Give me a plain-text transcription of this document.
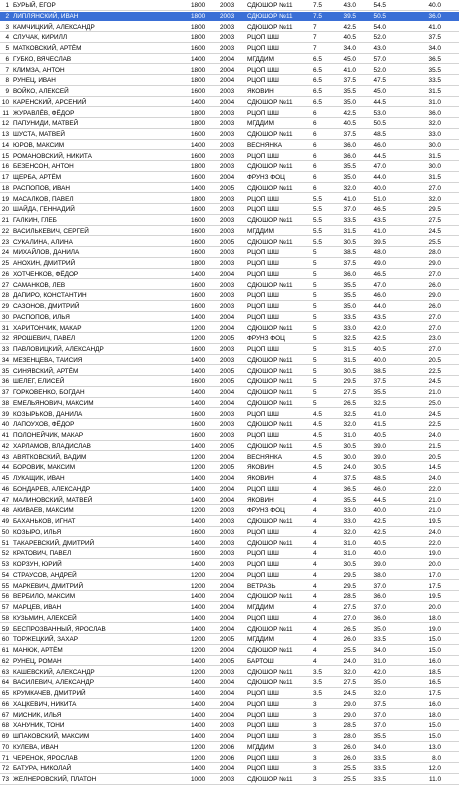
1 БУРЫЙ, ЕГОР	1800	2003	СДЮШОР №11	7.5	43.0	54.5	40.0
2 ЛИПЛЯНСКИЙ, ИВАН	1800	2003	СДЮШОР №11	7.5	39.5	50.5	36.0
3 КАМЧИЦКИЙ, АЛЕКСАНДР	1800	2003	СДЮШОР №11	7	42.5	54.0	41.0
4 СЛУЧАК, КИРИЛЛ	1800	2003	РЦОП ШШ	7	40.5	52.0	37.5
5 МАТКОВСКИЙ, АРТЁМ	1600	2003	РЦОП ШШ	7	34.0	43.0	34.0
6 ГУБКО, ВЯЧЕСЛАВ	1400	2004	МГДДИМ	6.5	45.0	57.0	36.5
7 КЛИМЗА, АНТОН	1800	2004	РЦОП ШШ	6.5	41.0	52.0	35.5
8 РУНЕЦ, ИВАН	1800	2004	РЦОП ШШ	6.5	37.5	47.5	33.5
9 ВОЙКО, АЛЕКСЕЙ	1600	2003	ЯКОВИН	6.5	35.5	45.0	31.5
10 КАРЕНСКИЙ, АРСЕНИЙ	1400	2004	СДЮШОР №11	6.5	35.0	44.5	31.0
11 ЖУРАВЛЁВ, ФЁДОР	1800	2003	РЦОП ШШ	6	42.5	53.0	36.0
12 ПАПУНИДИ, МАТВЕЙ	1800	2003	МГДДИМ	6	40.5	50.5	32.0
13 ШУСТА, МАТВЕЙ	1600	2003	СДЮШОР №11	6	37.5	48.5	33.0
14 ЮРОВ, МАКСИМ	1400	2003	ВЕСНЯНКА	6	36.0	46.0	30.0
15 РОМАНОВСКИЙ, НИКИТА	1600	2003	РЦОП ШШ	6	36.0	44.5	31.5
16 БЕЗЕНСОН, АНТОН	1800	2003	СДЮШОР №11	6	35.5	47.0	30.0
17 ЩЕРБА, АРТЁМ	1600	2004	ФРУНЗ ФОЦ	6	35.0	44.0	31.5
18 РАСПОПОВ, ИВАН	1400	2005	СДЮШОР №11	6	32.0	40.0	27.0
19 МАСАЛКОВ, ПАВЕЛ	1800	2003	РЦОП ШШ	5.5	41.0	51.0	32.0
20 ШАЙДА, ГЕННАДИЙ	1600	2003	РЦОП ШШ	5.5	37.0	46.5	29.5
21 ГАЛКИН, ГЛЕБ	1600	2003	СДЮШОР №11	5.5	33.5	43.5	27.5
22 ВАСИЛЬКЕВИЧ, СЕРГЕЙ	1600	2003	МГДДИМ	5.5	31.5	41.0	24.5
23 СУКАЛИНА, АЛИНА	1600	2005	СДЮШОР №11	5.5	30.5	39.5	25.5
24 МИХАЙЛОВ, ДАНИЛА	1600	2003	РЦОП ШШ	5	38.5	48.0	28.0
25 АНОХИН, ДМИТРИЙ	1800	2003	РЦОП ШШ	5	37.5	49.0	29.0
26 ХОТЧЕНКОВ, ФЁДОР	1400	2004	РЦОП ШШ	5	36.0	46.5	27.0
27 САМАНКОВ, ЛЕВ	1600	2003	СДЮШОР №11	5	35.5	47.0	26.0
28 ДАПИРО, КОНСТАНТИН	1600	2003	РЦОП ШШ	5	35.5	46.0	29.0
29 САЗОНОВ, ДМИТРИЙ	1600	2003	РЦОП ШШ	5	35.0	44.0	26.0
30 РАСПОПОВ, ИЛЬЯ	1400	2004	РЦОП ШШ	5	33.5	43.5	27.0
31 ХАРИТОНЧИК, МАКАР	1200	2004	СДЮШОР №11	5	33.0	42.0	27.0
32 ЯРОШЕВИЧ, ПАВЕЛ	1200	2005	ФРУНЗ ФОЦ	5	32.5	42.5	23.0
33 ПАВЛОВИЦКИЙ, АЛЕКСАНДР	1600	2003	РЦОП ШШ	5	31.5	40.5	27.0
34 МЕЗЕНЦЕВА, ТАИСИЯ	1400	2003	СДЮШОР №11	5	31.5	40.0	20.5
35 СИНЯВСКИЙ, АРТЁМ	1400	2005	СДЮШОР №11	5	30.5	38.5	22.5
36 ШЕЛЕГ, ЕЛИСЕЙ	1600	2005	СДЮШОР №11	5	29.5	37.5	24.5
37 ГОРКОВЕНКО, БОГДАН	1400	2004	СДЮШОР №11	5	27.5	35.5	21.0
38 ЕМЕЛЬЯНОВИЧ, МАКСИМ	1400	2004	СДЮШОР №11	5	26.5	32.5	25.0
39 КОЗЫРЬКОВ, ДАНИЛА	1600	2003	РЦОП ШШ	4.5	32.5	41.0	24.5
40 ЛАПОУХОВ, ФЁДОР	1600	2003	СДЮШОР №11	4.5	32.0	41.5	22.5
41 ПОЛОНЕЙЧИК, МАКАР	1600	2003	РЦОП ШШ	4.5	31.0	40.5	24.0
42 ХАРЛАМОВ, ВЛАДИСЛАВ	1400	2005	СДЮШОР №11	4.5	30.5	39.0	21.5
43 АВЯТКОВСКИЙ, ВАДИМ	1200	2004	ВЕСНЯНКА	4.5	30.0	39.0	20.5
44 БОРОВИК, МАКСИМ	1200	2005	ЯКОВИН	4.5	24.0	30.5	14.5
45 ЛУКАЩИК, ИВАН	1400	2004	ЯКОВИН	4	37.5	48.5	24.0
46 БОНДАРЕВ, АЛЕКСАНДР	1400	2004	РЦОП ШШ	4	36.5	46.0	22.0
47 МАЛИНОВСКИЙ, МАТВЕЙ	1400	2004	ЯКОВИН	4	35.5	44.5	21.0
48 АКИВАЕВ, МАКСИМ	1200	2003	ФРУНЗ ФОЦ	4	33.0	40.0	21.0
49 БАХАНЬКОВ, ИГНАТ	1400	2003	СДЮШОР №11	4	33.0	42.5	19.5
50 КОЗЫРО, ИЛЬЯ	1600	2003	РЦОП ШШ	4	32.0	42.5	24.0
51 ТАКАРЕВСКИЙ, ДМИТРИЙ	1400	2003	СДЮШОР №11	4	31.0	40.5	22.0
52 КРАТОВИЧ, ПАВЕЛ	1600	2003	РЦОП ШШ	4	31.0	40.0	19.0
53 КОРЗУН, ЮРИЙ	1400	2003	РЦОП ШШ	4	30.5	39.0	20.0
54 СТРАУСОВ, АНДРЕЙ	1200	2004	РЦОП ШШ	4	29.5	38.0	17.0
55 МАРКЕВИЧ, ДМИТРИЙ	1200	2004	ВЕТРАЗЬ	4	29.5	37.0	17.5
56 ВЕРБИЛО, МАКСИМ	1400	2004	СДЮШОР №11	4	28.5	36.0	19.5
57 МАРЦЕВ, ИВАН	1400	2004	МГДДИМ	4	27.5	37.0	20.0
58 КУЗЬМИН, АЛЕКСЕЙ	1400	2004	РЦОП ШШ	4	27.0	36.0	18.0
59 БЕСПРОЗВАННЫЙ, ЯРОСЛАВ	1400	2004	СДЮШОР №11	4	26.5	35.0	19.0
60 ТОРЖЕЦКИЙ, ЗАХАР	1200	2005	МГДДИМ	4	26.0	33.5	15.0
61 МАНЮК, АРТЁМ	1200	2004	СДЮШОР №11	4	25.5	34.0	15.0
62 РУНЕЦ, РОМАН	1400	2005	БАРТОШ	4	24.0	31.0	16.0
63 КАШЕВСКИЙ, АЛЕКСАНДР	1200	2003	СДЮШОР №11	3.5	32.0	42.0	18.5
64 ВАСИЛЕВИЧ, АЛЕКСАНДР	1400	2004	СДЮШОР №11	3.5	27.5	35.0	16.5
65 КРУМКАЧЕВ, ДМИТРИЙ	1400	2004	РЦОП ШШ	3.5	24.5	32.0	17.5
66 ХАЦКЕВИЧ, НИКИТА	1400	2004	РЦОП ШШ	3	29.0	37.5	16.0
67 МИСНИК, ИЛЬЯ	1400	2004	РЦОП ШШ	3	29.0	37.0	18.0
68 ХАНУНИК, ТОНИ	1400	2003	РЦОП ШШ	3	28.5	37.0	15.0
69 ШПАКОВСКИЙ, МАКСИМ	1400	2004	РЦОП ШШ	3	28.0	35.5	15.0
70 КУЛЕВА, ИВАН	1200	2006	МГДДИМ	3	26.0	34.0	13.0
71 ЧЕРЕНОК, ЯРОСЛАВ	1200	2006	РЦОП ШШ	3	26.0	33.5	8.0
72 БАТУРА, НИКОЛАЙ	1400	2004	РЦОП ШШ	3	25.5	33.5	12.0
73 ЖЕЛНЕРОВСКИЙ, ПЛАТОН	1000	2003	СДЮШОР №11	3	25.5	33.5	11.0
